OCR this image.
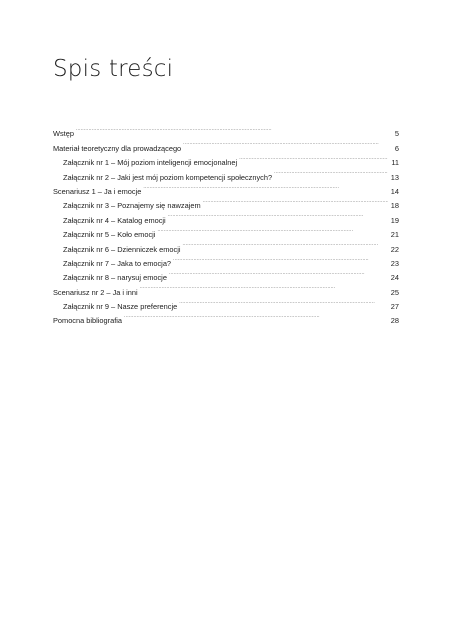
Spis treści
Wstęp . . .	5
Materiał teoretyczny dla prowadzącego . . .	6
Załącznik nr 1 – Mój poziom inteligencji emocjonalnej . . .	11
Załącznik nr 2 – Jaki jest mój poziom kompetencji społecznych? . . .	13
Scenariusz 1 – Ja i emocje . . .	14
Załącznik nr 3 – Poznajemy się nawzajem . . .	18
Załącznik nr 4 – Katalog emocji . . .	19
Załącznik nr 5 – Koło emocji . . .	21
Załącznik nr 6 – Dzienniczek emocji . . .	22
Załącznik nr 7 – Jaka to emocja? . . .	23
Załącznik nr 8 – narysuj emocje . . .	24
Scenariusz nr 2 – Ja i inni . . .	25
Załącznik nr 9 – Nasze preferencje . . .	27
Pomocna bibliografia . . .	28
